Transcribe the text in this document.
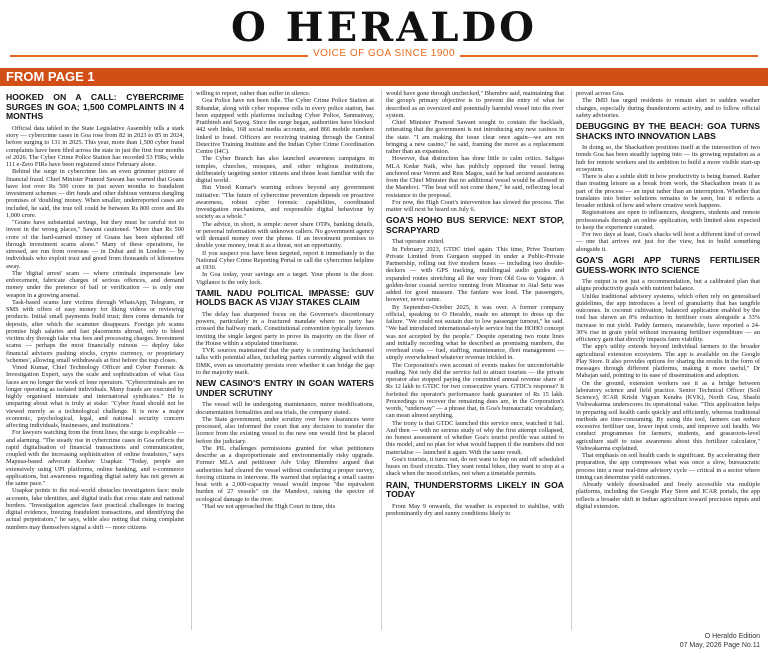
O HERALDO
VOICE OF GOA SINCE 1900
FROM PAGE 1
HOOKED ON A CALL: CYBERCRIME SURGES IN GOA; 1,500 COMPLAINTS IN 4 MONTHS

Official data tabled in the State Legislative Assembly tells a stark story — cybercrime cases in Goa rose from 82 in 2023 to 85 in 2024, before surging to 131 in 2025. This year, more than 1,500 cyber fraud complaints have been filed across the state in just the first four months of 2026. The Cyber Crime Police Station has recorded 53 FIRs, while 111 e-Zero FIRs have been registered since February alone.

Behind the surge in cybercrime lies an even grimmer picture of financial fraud. Chief Minister Pramod Sawant has warned that Goans have lost over Rs 500 crore in just seven months to fraudulent investment schemes — dirt funds and other dubious ventures dangling promises of 'doubling' money. When smaller, underreported cases are included, he said, the true toll could be between Rs 800 crore and Rs 1,000 crore.

"Goans have substantial savings, but they must be careful not to invest in the wrong places," Sawant cautioned. "More than Rs 500 crore of the hard-earned money of Goans has been siphoned off through investment scams alone." Many of these operations, he stressed, are run from overseas — in Dubai and in London — by individuals who exploit trust and greed from thousands of kilometres away.

The 'digital arrest' scam — where criminals impersonate law enforcement, fabricate charges of serious offences, and demand money under the pretence of bail or verification — is only one weapon in a growing arsenal.

Task-based scams lure victims through WhatsApp, Telegram, or SMS with offers of easy money for liking videos or reviewing products. Initial small payments build trust; then come demands for deposits, after which the scammer disappears. Foreign job scams promise high salaries and fast placements abroad, only to bleed victims dry through fake visa fees and processing charges. Investment scams — perhaps the most financially ruinous — deploy fake financial advisors pushing stocks, crypto currency, or proprietary 'schemes', allowing small withdrawals at first before the trap closes.

Vinod Kumar, Chief Technology Officer and Cyber Forensic & Investigation Expert, says the scale and sophistication of what Goa faces are no longer the work of lone operators. "Cybercriminals are no longer operating as isolated individuals. Many frauds are executed by highly organised interstate and international syndicates." He is unsparing about what is truly at stake: "Cyber fraud should not be viewed merely as a technological challenge. It is now a major economic, psychological, legal, and national security concern affecting individuals, businesses, and institutions."

For lawyers watching from the front lines, the surge is explicable — and alarming. "The steady rise in cybercrime cases in Goa reflects the rapid digitalisation of financial transactions and communication, coupled with the increasing sophistication of online fraudsters," says Mapusa-based advocate Keshav Usapkar. "Today, people are extensively using UPI platforms, online banking, and e-commerce applications, but awareness regarding digital safety has not grown at the same pace."

Usapkar points to the real-world obstacles investigators face: mule accounts, fake identities, and digital trails that cross state and national borders. "Investigation agencies face practical challenges in tracing digital evidence, freezing fraudulent transactions, and identifying the actual perpetrators," he says, while also noting that rising complaint numbers may themselves signal a shift — more citizens

willing to report, rather than suffer in silence.

Goa Police have not been idle. The Cyber Crime Police Station at Ribandar, along with cyber response cells in every police station, has been equipped with platforms including Cyber Police, Sanmanvay, Pratibimb and Sayog. Since the surge began, authorities have blocked 442 web links, 168 social media accounts, and 866 mobile numbers linked to fraud. Officers are receiving training through the Central Detective Training Institute and the Indian Cyber Crime Coordination Centre (I4C).

The Cyber Branch has also launched awareness campaigns in temples, churches, mosques, and other religious institutions, deliberately targeting senior citizens and those least familiar with the digital world.

But Vinod Kumar's warning echoes beyond any government initiative: "The future of cybercrime prevention depends on proactive awareness, robust cyber forensic capabilities, coordinated investigation mechanisms, and responsible digital behaviour by society as a whole."

The advice, in short, is simple: never share OTPs, banking details, or personal information with unknown callers. No government agency will demand money over the phone. If an investment promises to double your money, treat it as a threat, not an opportunity.

If you suspect you have been targeted, report it immediately to the National Cyber Crime Reporting Portal or call the cybercrime helpline at 1930.

In Goa today, your savings are a target. Your phone is the door. Vigilance is the only lock.

TAMIL NADU POLITICAL IMPASSE: GUV HOLDS BACK AS VIJAY STAKES CLAIM

The delay has sharpened focus on the Governor's discretionary powers, particularly in a fractured mandate where no party has crossed the halfway mark. Constitutional convention typically favours inviting the single largest party to prove its majority on the floor of the House within a stipulated timeframe.

TVK sources maintained that the party is continuing backchannel talks with potential allies, including parties currently aligned with the DMK, even as uncertainty persists over whether it can bridge the gap to the majority mark.

NEW CASINO'S ENTRY IN GOAN WATERS UNDER SCRUTINY

The vessel will be undergoing maintenance, minor modifications, documentation formalities and sea trials, the company stated.

The State government, under scrutiny over how clearances were processed, also informed the court that any decision to transfer the licence from the existing vessel to the new one would first be placed before the judiciary.

The PIL challenges permissions granted for what petitioners describe as a disproportionate and environmentally risky upgrade. Former MLA and petitioner Adv Uday Bhembre argued that authorities had cleared the vessel without conducting a proper survey, forcing citizens to intervene. He warned that replacing a small casino boat with a 2,000-capacity vessel would impose "the equivalent burden of 27 vessels" on the Mandovi, raising the spectre of ecological damage to the river.

"Had we not approached the High Court in time, this

would have gone through unchecked," Bhembre said, maintaining that the group's primary objective is to prevent the entry of what he described as an oversized and potentially harmful vessel into the river system.

Chief Minister Pramod Sawant sought to contain the backlash, reiterating that the government is not introducing any new casinos in the state. "I am making the issue clear once again—we are not bringing a new casino," he said, framing the move as a replacement rather than an expansion.

However, that distinction has done little to calm critics. Saligao MLA Kedar Naik, who has publicly opposed the vessel being anchored near Verem and Reis Magos, said he had secured assurances from the Chief Minister that no additional vessel would be allowed in the Mandovi. "The boat will not come there," he said, reflecting local resistance to the proposal.

For now, the High Court's intervention has slowed the process. The matter will next be heard on July 6.

GOA'S HOHO BUS SERVICE: NEXT STOP, SCRAPYARD

That operator exited.

In February 2023, GTDC tried again. This time, Prive Tourism Private Limited from Gurgaon stepped in under a Public-Private Partnership, rolling out five modern buses — including two double-deckers — with GPS tracking, multilingual audio guides and expanded routes stretching all the way from Old Goa to Vagator. A golden-hour coastal service running from Miramar to Atal Setu was added for good measure. The fanfare was loud. The passengers, however, never came.

By September-October 2025, it was over. A former company official, speaking to O Heraldo, made no attempt to dress up the failure. "We could not sustain due to low passenger turnout," he said. "We had introduced international-style service but the HOHO concept was not accepted by the people." Despite operating two route lines and initially recording what he described as promising numbers, the overhead costs — fuel, staffing, maintenance, fleet management — simply overwhelmed whatever revenue trickled in.

The Corporation's own account of events makes for uncomfortable reading. Not only did the service fail to attract tourists — the private operator also stopped paying the committed annual revenue share of Rs 12 lakh to GTDC for two consecutive years. GTDC's response? It forfeited the operator's performance bank guarantee of Rs 15 lakh. Proceedings to recover the remaining dues are, in the Corporation's words, "underway" — a phrase that, in Goa's bureaucratic vocabulary, can mean almost anything.

The irony is that GTDC launched this service once, watched it fail. And then — with no serious study of why the first attempt collapsed, no honest assessment of whether Goa's tourist profile was suited to this model, and no plan for what would happen if the numbers did not materialise — launched it again. With the same result.

Goa's tourists, it turns out, do not want to hop on and off scheduled buses on fixed circuits. They want rental bikes, they want to stop at a shack when the mood strikes, not when a timetable permits.

RAIN, THUNDERSTORMS LIKELY IN GOA TODAY

From May 9 onwards, the weather is expected to stabilise, with predominantly dry and sunny conditions likely to

prevail across Goa.

The IMD has urged residents to remain alert to sudden weather changes, especially during thunderstorm activity, and to follow official safety advisories.

DEBUGGING BY THE BEACH: GOA TURNS SHACKS INTO INNOVATION LABS

In doing so, the Shackathon positions itself at the intersection of two trends Goa has been steadily tapping into — its growing reputation as a hub for remote workers and its ambition to build a more visible start-up ecosystem.

There is also a subtle shift in how productivity is being framed. Rather than treating leisure as a break from work, the Shackathon treats it as part of the process — an input rather than an interruption. Whether that translates into better solutions remains to be seen, but it reflects a broader rethink of how and where creative work happens.

Registrations are open to influencers, designers, students and remote professionals through an online application, with limited slots expected to keep the experience curated.

For two days at least, Goa's shacks will host a different kind of crowd — one that arrives not just for the view, but to build something alongside it.

GOA'S AGRI APP TURNS FERTILISER GUESS-WORK INTO SCIENCE

The output is not just a recommendation, but a calibrated plan that aligns productivity goals with nutrient balance.

Unlike traditional advisory systems, which often rely on generalised guidelines, the app introduces a level of granularity that has tangible outcomes. In coconut cultivation, balanced application enabled by the tool has shown an 8% reduction in fertiliser costs alongside a 33% increase in nut yield. Paddy farmers, meanwhile, have reported a 24-30% rise in grain yield without increasing fertiliser expenditure — an efficiency gain that directly impacts farm viability.

The app's utility extends beyond individual farmers to the broader agricultural extension ecosystem. The app is available on the Google Play Store. It also provides options for sharing the results in the form of messages through different platforms, making it more useful," Dr Mahajan said, pointing to its ease of dissemination and adoption.

On the ground, extension workers see it as a bridge between laboratory science and field practice. Senior Technical Officer (Soil Science), ICAR Krishi Vigyan Kendra (KVK), North Goa, Shashi Vishwakarma underscores its operational value. "This application helps in preparing soil health cards quickly and efficiently, whereas traditional methods are time-consuming. By using this tool, farmers can reduce excessive fertiliser use, lower input costs, and improve soil health. We conduct programmes for farmers, students, and grassroots-level agriculture staff to raise awareness about this fertilizer calculator," Vishwakarma explained.

That emphasis on soil health cards is significant. By accelerating their preparation, the app compresses what was once a slow, bureaucratic process into a near real-time advisory cycle — critical in a sector where timing can determine yield outcomes.

Already widely downloaded and freely accessible via multiple platforms, including the Google Play Store and ICAR portals, the app reflects a broader shift in Indian agriculture toward precision inputs and digital extension.

O Heraldo Edition
07 May, 2026 Page No.11
